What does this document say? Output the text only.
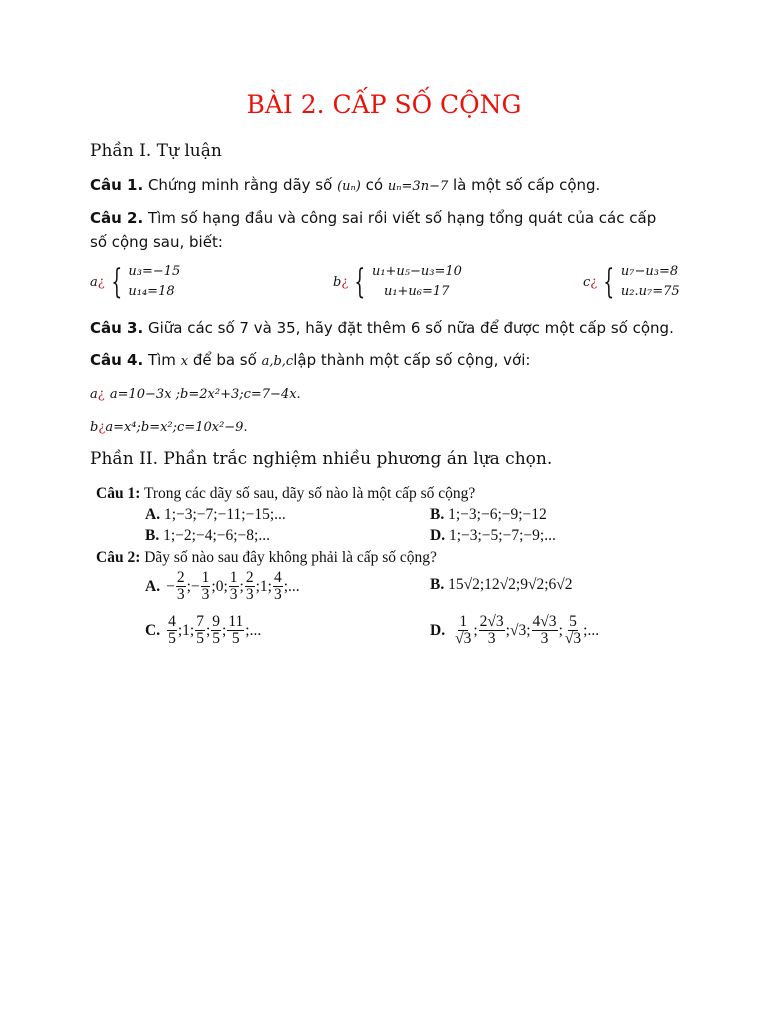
BÀI 2. CẤP SỐ CỘNG
Phần I. Tự luận
Câu 1. Chứng minh rằng dãy số (uₙ) có uₙ=3n−7 là một số cấp cộng.
Câu 2. Tìm số hạng đầu và công sai rồi viết số hạng tổng quát của các cấp
số cộng sau, biết:
a¿ { u₃=−15
u₁₄=18
b¿ { u₁+u₅−u₃=10
u₁+u₆=17
c¿ { u₇−u₃=8
u₂.u₇=75
Câu 3. Giữa các số 7 và 35, hãy đặt thêm 6 số nữa để được một cấp số cộng.
Câu 4. Tìm x để ba số a,b,clập thành một cấp số cộng, với:
a¿ a=10−3x ;b=2x²+3;c=7−4x.
b¿a=x⁴;b=x²;c=10x²−9.
Phần II. Phần trắc nghiệm nhiều phương án lựa chọn.
Câu 1: Trong các dãy số sau, dãy số nào là một cấp số cộng?
A. 1;−3;−7;−11;−15;...	B. 1;−3;−6;−9;−12
B. 1;−2;−4;−6;−8;...	D. 1;−3;−5;−7;−9;...
Câu 2: Dãy số nào sau đây không phải là cấp số cộng?
A. − $\frac{2}{3}$ ;− $\frac{1}{3}$ ;0; $\frac{1}{3}$ ; $\frac{2}{3}$ ;1; $\frac{4}{3}$ ;...	B. 15√2;12√2;9√2;6√2
C. $\frac{4}{5}$ ;1; $\frac{7}{5}$ ; $\frac{9}{5}$ ; $\frac{11}{5}$ ;...	D. $\frac{1}{√3}$ ; $\frac{2√3}{3}$ ;√3; $\frac{4√3}{3}$ ; $\frac{5}{√3}$ ;...
